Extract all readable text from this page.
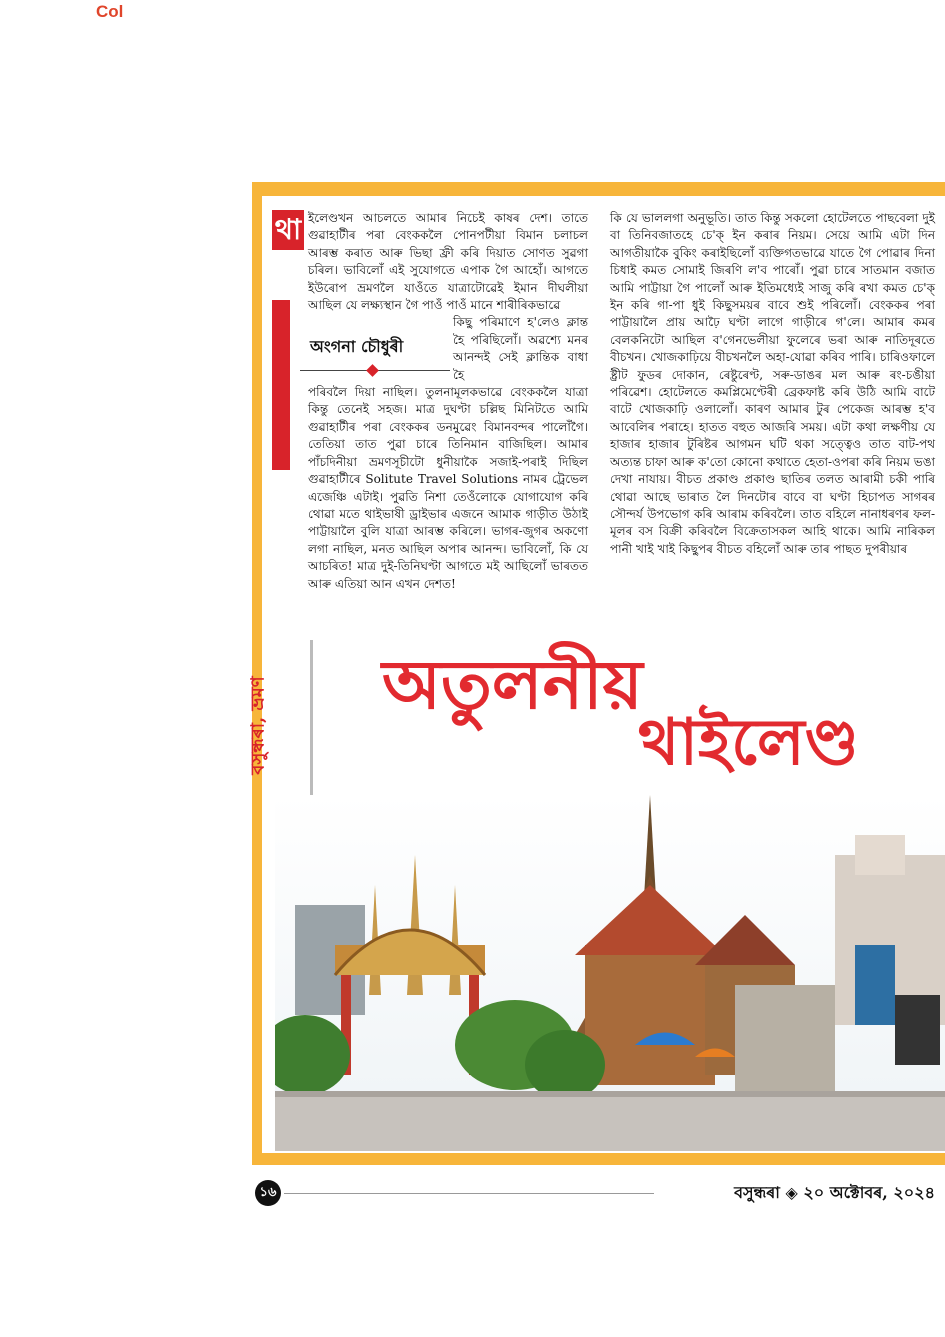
Col
থা ইলেণ্ডখন আচলতে আমাৰ নিচেই কাষৰ দেশ। তাতে গুৱাহাটীৰ পৰা বেংককলৈ পোনপটীয়া বিমান চলাচল আৰম্ভ কৰাত আৰু ভিছা ফ্ৰী কৰি দিয়াত সোণত সুৱগা চৰিল। ভাবিলোঁ এই সুযোগতে এপাক গৈ আহোঁ। আগতে ইউৰোপ ভ্ৰমণলৈ যাওঁতে যাত্ৰাটোৱেই ইমান দীঘলীয়া আছিল যে লক্ষ্যস্থান গৈ পাওঁ পাওঁ মানে শাৰীৰিকভাৱে

কিছু পৰিমাণে হ'লেও ক্লান্ত হৈ পৰিছিলোঁ। অৱশ্যে মনৰ আনন্দই সেই ক্লান্তিক বাধা হৈ

পৰিবলৈ দিয়া নাছিল। তুলনামূলকভাৱে বেংককলৈ যাত্ৰা কিন্তু তেনেই সহজ। মাত্ৰ দুঘণ্টা চল্লিছ মিনিটতে আমি গুৱাহাটীৰ পৰা বেংককৰ ডনমুৱেং বিমানবন্দৰ পালোঁগৈ। তেতিয়া তাত পুৱা চাৰে তিনিমান বাজিছিল। আমাৰ পাঁচদিনীয়া ভ্ৰমণসূচীটো ধুনীয়াকৈ সজাই-পৰাই দিছিল গুৱাহাটীৰে Solitute Travel Solutions নামৰ ট্ৰেভেল এজেঞ্চি এটাই। পুৱতি নিশা তেওঁলোকে যোগাযোগ কৰি থোৱা মতে থাইভাষী ড্ৰাইভাৰ এজনে আমাক গাড়ীত উঠাই পাট্টায়ালৈ বুলি যাত্ৰা আৰম্ভ কৰিলে। ভাগৰ-জুগৰ অকণো লগা নাছিল, মনত আছিল অপাৰ আনন্দ। ভাবিলোঁ, কি যে আচৰিত! মাত্ৰ দুই-তিনিঘণ্টা আগতে মই আছিলোঁ ভাৰতত আৰু এতিয়া আন এখন দেশত!

অংগনা চৌধুৰী

কি যে ভাললগা অনুভূতি। তাত কিন্তু সকলো হোটেলতে পাছবেলা দুই বা তিনিবজাতহে চে'ক্ ইন কৰাৰ নিয়ম। সেয়ে আমি এটা দিন আগতীয়াকৈ বুকিং কৰাইছিলোঁ ব্যক্তিগতভাৱে যাতে গৈ পোৱাৰ দিনা চিধাই কমত সোমাই জিৰণি ল'ব পাৰোঁ। পুৱা চাৰে সাতমান বজাত আমি পাট্টায়া গৈ পালোঁ আৰু ইতিমধ্যেই সাজু কৰি ৰখা কমত চে'ক্ ইন কৰি গা-পা ধুই কিছুসময়ৰ বাবে শুই পৰিলোঁ। বেংককৰ পৰা পাট্টায়ালৈ প্ৰায় আঢ়ৈ ঘণ্টা লাগে গাড়ীৰে গ'লে। আমাৰ কমৰ বেলকনিটো আছিল ব'গেনভেলীয়া ফুলেৰে ভৰা আৰু নাতিদূৰতে বীচখন। খোজকাঢ়িয়ে বীচখনলৈ অহা-যোৱা কৰিব পাৰি। চাৰিওফালে ষ্ট্ৰীট ফুডৰ দোকান, ৰেষ্টুৰেণ্ট, সৰু-ডাঙৰ মল আৰু ৰং-চঙীয়া পৰিৱেশ। হোটেলতে কমপ্লিমেণ্টেৰী ব্ৰেকফাষ্ট কৰি উঠি আমি বাটে বাটে খোজকাঢ়ি ওলালোঁ। কাৰণ আমাৰ টুৰ পেকেজ আৰম্ভ হ'ব আবেলিৰ পৰাহে। হাতত বহুত আজৰি সময়। এটা কথা লক্ষণীয় যে হাজাৰ হাজাৰ টুৰিষ্টৰ আগমন ঘটি থকা সত্ত্বেও তাত বাট-পথ অত্যন্ত চাফা আৰু ক'তো কোনো কথাতে হেতা-ওপৰা কৰি নিয়ম ভঙা দেখা নাযায়। বীচত প্ৰকাণ্ড প্ৰকাণ্ড ছাতিৰ তলত আৰামী চকী পাৰি থোৱা আছে ভাৰাত লৈ দিনটোৰ বাবে বা ঘণ্টা হিচাপত সাগৰৰ সৌন্দৰ্য উপভোগ কৰি আৰাম কৰিবলৈ। তাত বহিলে নানাধৰণৰ ফল-মূলৰ বস বিক্ৰী কৰিবলৈ বিক্ৰেতাসকল আহি থাকে। আমি নাৰিকল পানী খাই খাই কিছুপৰ বীচত বহিলোঁ আৰু তাৰ পাছত দুপৰীয়াৰ

বসুন্ধৰা, ভ্ৰমণ অতুলনীয়
থাইলেণ্ড
১৬	বসুন্ধৰা ◈ ২০ অক্টোবৰ, ২০২৪
